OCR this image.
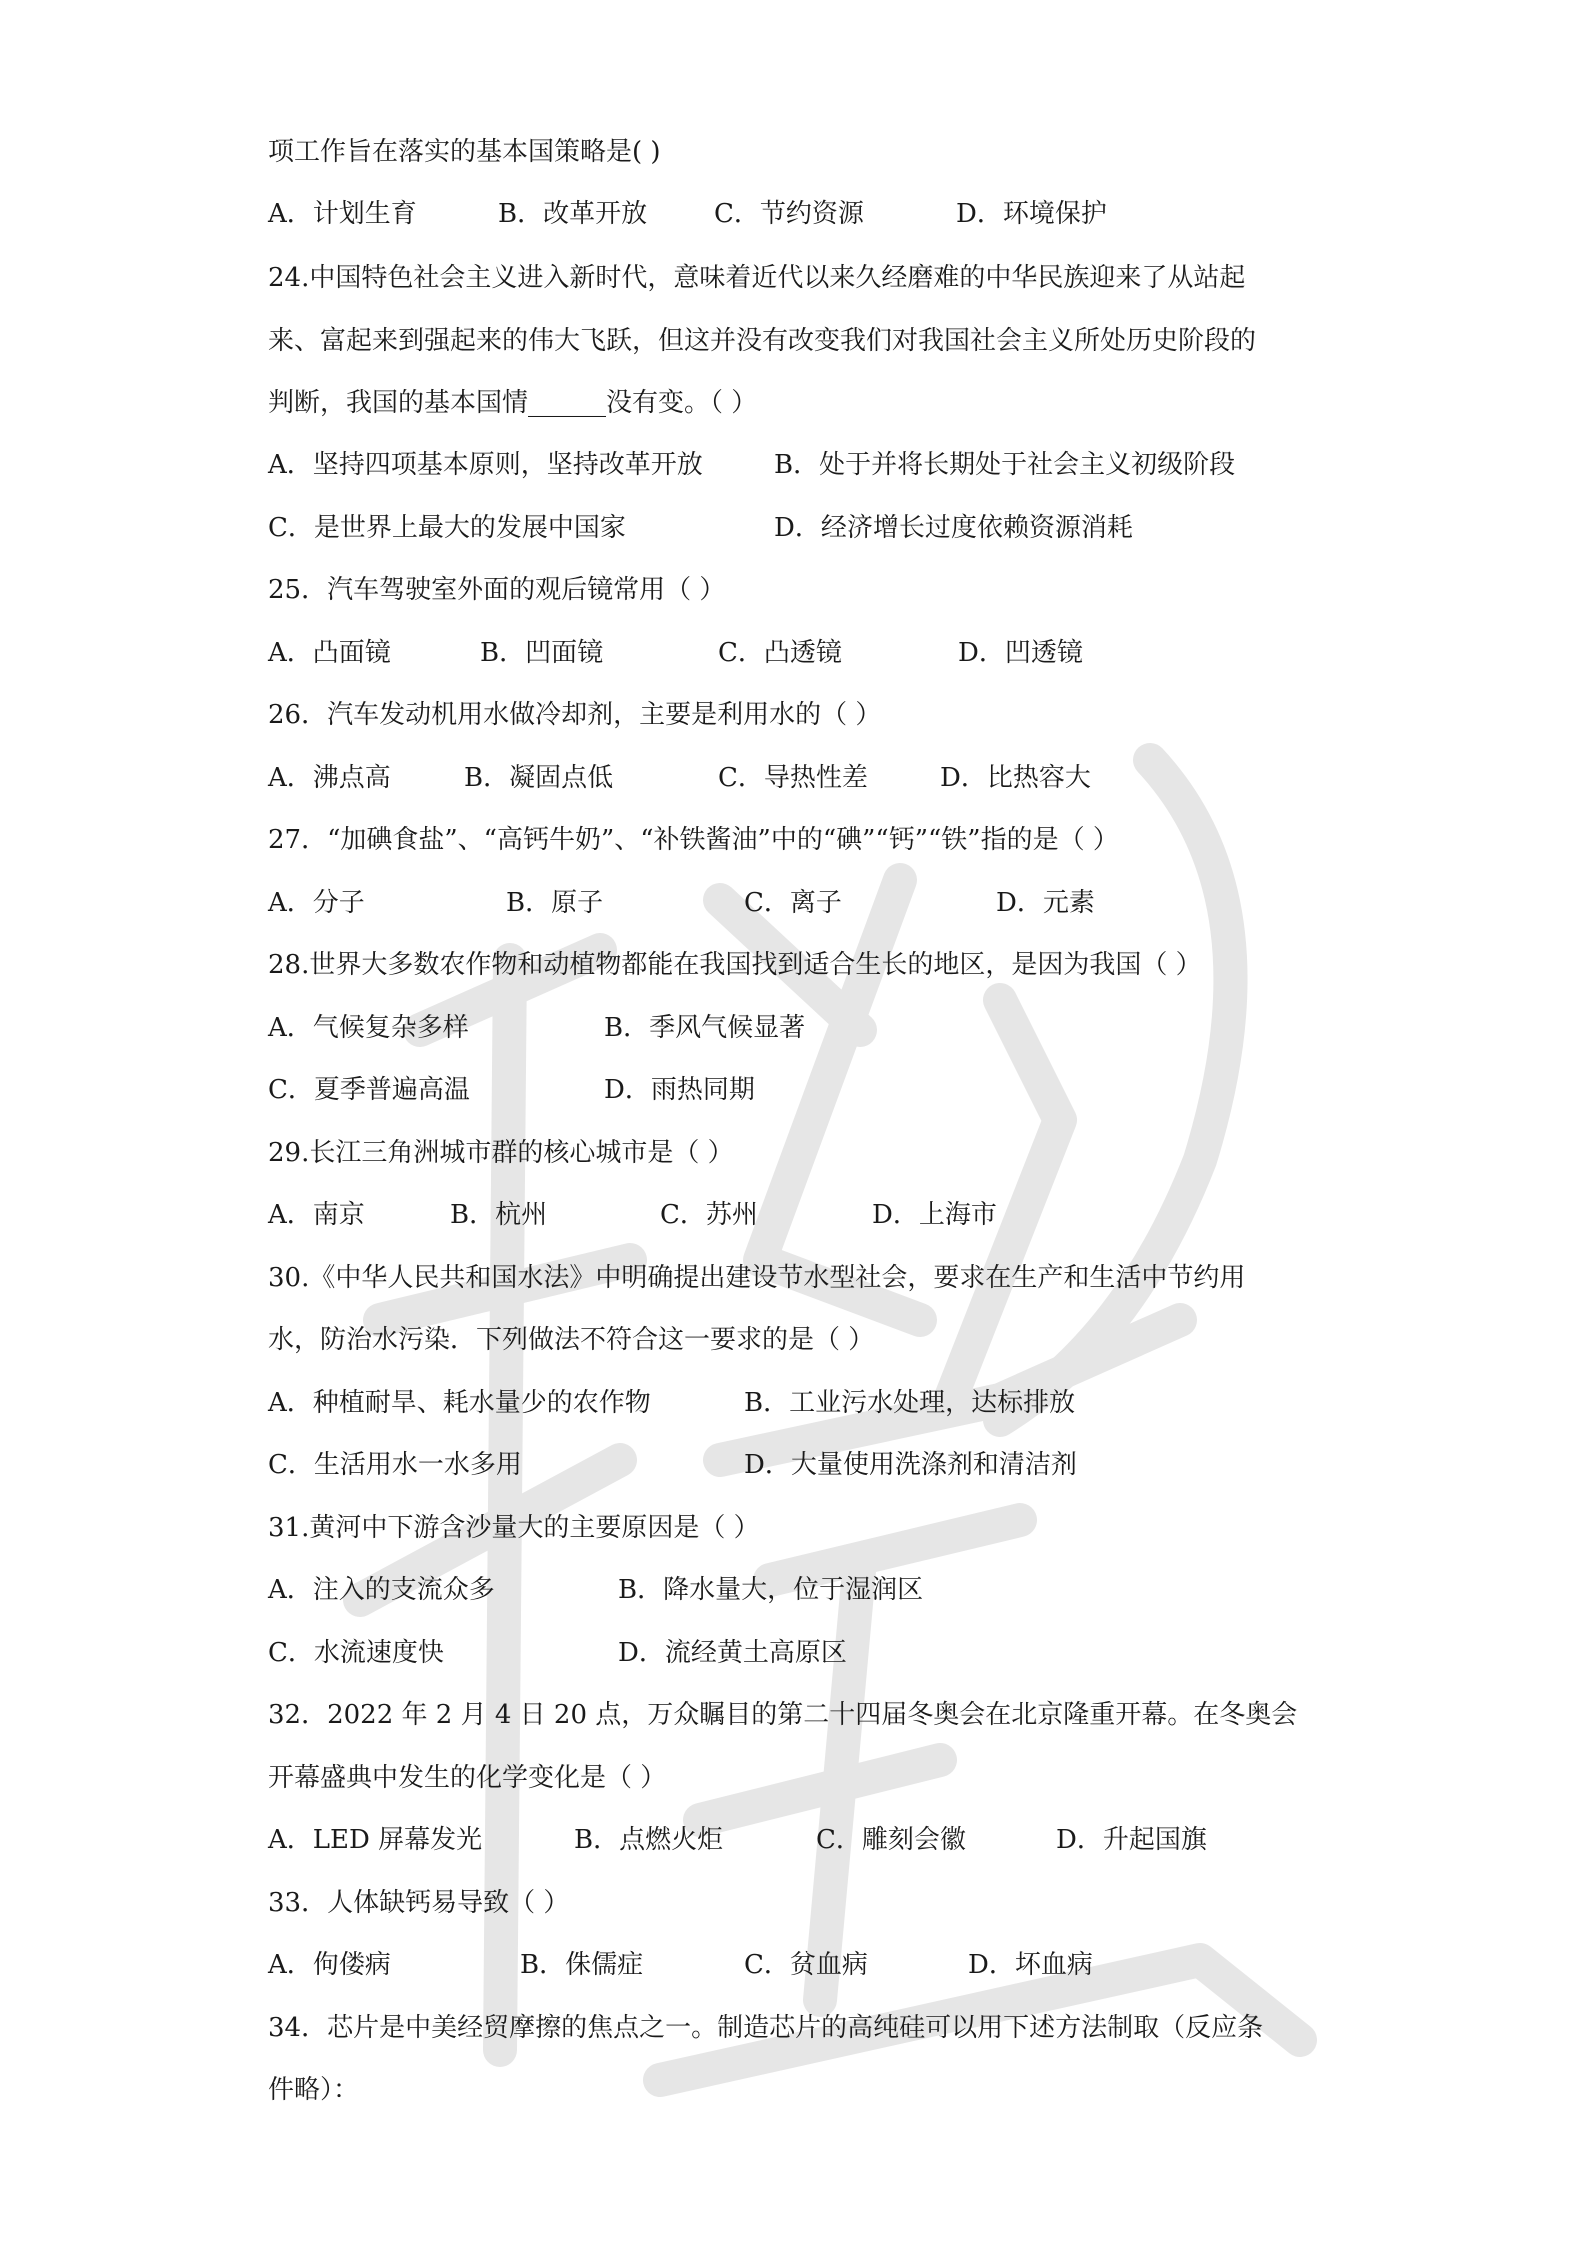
项工作旨在落实的基本国策略是( )
A．计划生育	B．改革开放	C．节约资源	D．环境保护
24.中国特色社会主义进入新时代，意味着近代以来久经磨难的中华民族迎来了从站起
来、富起来到强起来的伟大飞跃，但这并没有改变我们对我国社会主义所处历史阶段的
判断，我国的基本国情______没有变。（ ）
A．坚持四项基本原则，坚持改革开放	B．处于并将长期处于社会主义初级阶段
C．是世界上最大的发展中国家	D．经济增长过度依赖资源消耗
25．汽车驾驶室外面的观后镜常用（ ）
A．凸面镜	B．凹面镜	C．凸透镜	D．凹透镜
26．汽车发动机用水做冷却剂，主要是利用水的（ ）
A．沸点高	B．凝固点低	C．导热性差	D．比热容大
27．“加碘食盐”、“高钙牛奶”、“补铁酱油”中的“碘”“钙”“铁”指的是（ ）
A．分子	B．原子	C．离子	D．元素
28.世界大多数农作物和动植物都能在我国找到适合生长的地区，是因为我国（ ）
A．气候复杂多样	B．季风气候显著
C．夏季普遍高温	D．雨热同期
29.长江三角洲城市群的核心城市是（ ）
A．南京	B．杭州	C．苏州	D．上海市
30.《中华人民共和国水法》中明确提出建设节水型社会，要求在生产和生活中节约用
水，防治水污染．下列做法不符合这一要求的是（ ）
A．种植耐旱、耗水量少的农作物	B．工业污水处理，达标排放
C．生活用水一水多用	D．大量使用洗涤剂和清洁剂
31.黄河中下游含沙量大的主要原因是（ ）
A．注入的支流众多	B．降水量大，位于湿润区
C．水流速度快	D．流经黄土高原区
32．2022 年 2 月 4 日 20 点，万众瞩目的第二十四届冬奥会在北京隆重开幕。在冬奥会
开幕盛典中发生的化学变化是（ ）
A．LED 屏幕发光	B．点燃火炬	C．雕刻会徽	D．升起国旗
33．人体缺钙易导致（ ）
A．佝偻病	B．侏儒症	C．贫血病	D．坏血病
34．芯片是中美经贸摩擦的焦点之一。制造芯片的高纯硅可以用下述方法制取（反应条
件略）：
